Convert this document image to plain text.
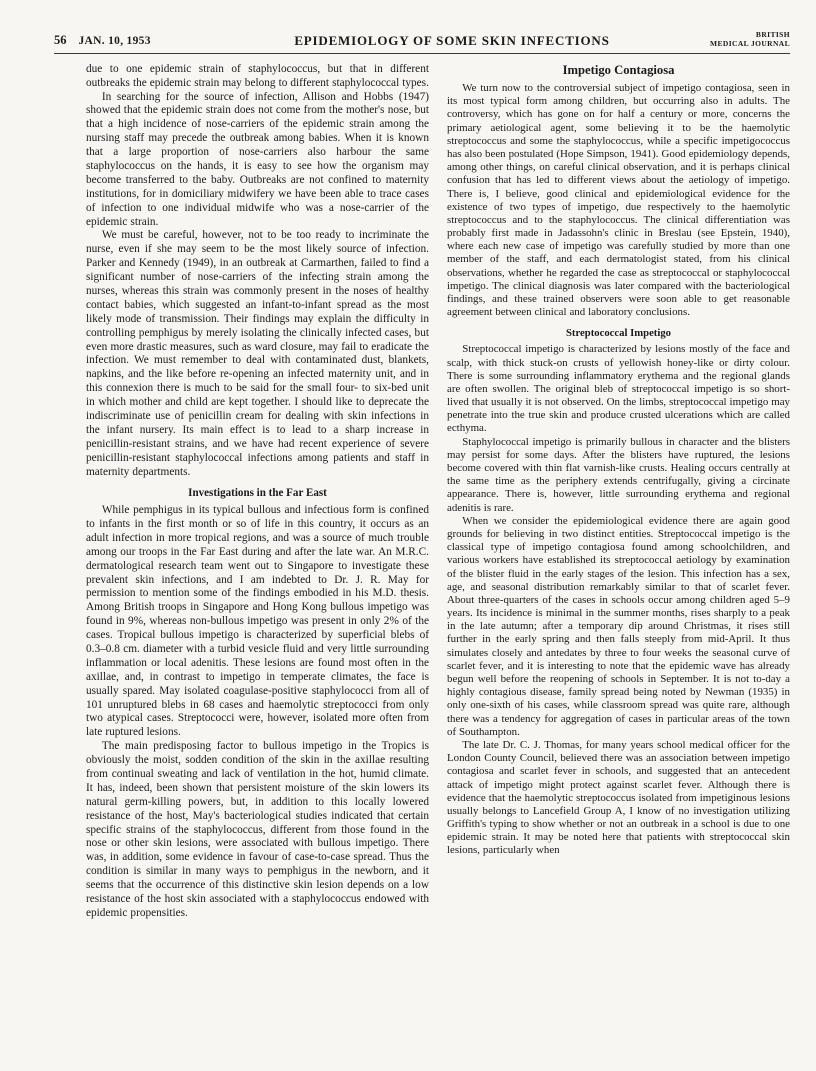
56 JAN. 10, 1953	EPIDEMIOLOGY OF SOME SKIN INFECTIONS	BRITISH
MEDICAL JOURNAL

due to one epidemic strain of staphylococcus, but that in different outbreaks the epidemic strain may belong to different staphylococcal types.

In searching for the source of infection, Allison and Hobbs (1947) showed that the epidemic strain does not come from the mother's nose, but that a high incidence of nose-carriers of the epidemic strain among the nursing staff may precede the outbreak among babies. When it is known that a large proportion of nose-carriers also harbour the same staphylococcus on the hands, it is easy to see how the organism may become transferred to the baby. Outbreaks are not confined to maternity institutions, for in domiciliary midwifery we have been able to trace cases of infection to one individual midwife who was a nose-carrier of the epidemic strain.

We must be careful, however, not to be too ready to incriminate the nurse, even if she may seem to be the most likely source of infection. Parker and Kennedy (1949), in an outbreak at Carmarthen, failed to find a significant number of nose-carriers of the infecting strain among the nurses, whereas this strain was commonly present in the noses of healthy contact babies, which suggested an infant-to-infant spread as the most likely mode of transmission. Their findings may explain the difficulty in controlling pemphigus by merely isolating the clinically infected cases, but even more drastic measures, such as ward closure, may fail to eradicate the infection. We must remember to deal with contaminated dust, blankets, napkins, and the like before re-opening an infected maternity unit, and in this connexion there is much to be said for the small four- to six-bed unit in which mother and child are kept together. I should like to deprecate the indiscriminate use of penicillin cream for dealing with skin infections in the infant nursery. Its main effect is to lead to a sharp increase in penicillin-resistant strains, and we have had recent experience of severe penicillin-resistant staphylococcal infections among patients and staff in maternity departments.

Investigations in the Far East

While pemphigus in its typical bullous and infectious form is confined to infants in the first month or so of life in this country, it occurs as an adult infection in more tropical regions, and was a source of much trouble among our troops in the Far East during and after the late war. An M.R.C. dermatological research team went out to Singapore to investigate these prevalent skin infections, and I am indebted to Dr. J. R. May for permission to mention some of the findings embodied in his M.D. thesis. Among British troops in Singapore and Hong Kong bullous impetigo was found in 9%, whereas non-bullous impetigo was present in only 2% of the cases. Tropical bullous impetigo is characterized by superficial blebs of 0.3–0.8 cm. diameter with a turbid vesicle fluid and very little surrounding inflammation or local adenitis. These lesions are found most often in the axillae, and, in contrast to impetigo in temperate climates, the face is usually spared. May isolated coagulase-positive staphylococci from all of 101 unruptured blebs in 68 cases and haemolytic streptococci from only two atypical cases. Streptococci were, however, isolated more often from late ruptured lesions.

The main predisposing factor to bullous impetigo in the Tropics is obviously the moist, sodden condition of the skin in the axillae resulting from continual sweating and lack of ventilation in the hot, humid climate. It has, indeed, been shown that persistent moisture of the skin lowers its natural germ-killing powers, but, in addition to this locally lowered resistance of the host, May's bacteriological studies indicated that certain specific strains of the staphylococcus, different from those found in the nose or other skin lesions, were associated with bullous impetigo. There was, in addition, some evidence in favour of case-to-case spread. Thus the condition is similar in many ways to pemphigus in the newborn, and it seems that the occurrence of this distinctive skin lesion depends on a low resistance of the host skin associated with a staphylococcus endowed with epidemic propensities.

Impetigo Contagiosa

We turn now to the controversial subject of impetigo contagiosa, seen in its most typical form among children, but occurring also in adults. The controversy, which has gone on for half a century or more, concerns the primary aetiological agent, some believing it to be the haemolytic streptococcus and some the staphylococcus, while a specific impetigococcus has also been postulated (Hope Simpson, 1941). Good epidemiology depends, among other things, on careful clinical observation, and it is perhaps clinical confusion that has led to different views about the aetiology of impetigo. There is, I believe, good clinical and epidemiological evidence for the existence of two types of impetigo, due respectively to the haemolytic streptococcus and to the staphylococcus. The clinical differentiation was probably first made in Jadassohn's clinic in Breslau (see Epstein, 1940), where each new case of impetigo was carefully studied by more than one member of the staff, and each dermatologist stated, from his clinical observations, whether he regarded the case as streptococcal or staphylococcal impetigo. The clinical diagnosis was later compared with the bacteriological findings, and these trained observers were soon able to get reasonable agreement between clinical and laboratory conclusions.

Streptococcal Impetigo

Streptococcal impetigo is characterized by lesions mostly of the face and scalp, with thick stuck-on crusts of yellowish honey-like or dirty colour. There is some surrounding inflammatory erythema and the regional glands are often swollen. The original bleb of streptococcal impetigo is so short-lived that usually it is not observed. On the limbs, streptococcal impetigo may penetrate into the true skin and produce crusted ulcerations which are called ecthyma.

Staphylococcal impetigo is primarily bullous in character and the blisters may persist for some days. After the blisters have ruptured, the lesions become covered with thin flat varnish-like crusts. Healing occurs centrally at the same time as the periphery extends centrifugally, giving a circinate appearance. There is, however, little surrounding erythema and regional adenitis is rare.

When we consider the epidemiological evidence there are again good grounds for believing in two distinct entities. Streptococcal impetigo is the classical type of impetigo contagiosa found among schoolchildren, and various workers have established its streptococcal aetiology by examination of the blister fluid in the early stages of the lesion. This infection has a sex, age, and seasonal distribution remarkably similar to that of scarlet fever. About three-quarters of the cases in schools occur among children aged 5–9 years. Its incidence is minimal in the summer months, rises sharply to a peak in the late autumn; after a temporary dip around Christmas, it rises still further in the early spring and then falls steeply from mid-April. It thus simulates closely and antedates by three to four weeks the seasonal curve of scarlet fever, and it is interesting to note that the epidemic wave has already begun well before the reopening of schools in September. It is not to-day a highly contagious disease, family spread being noted by Newman (1935) in only one-sixth of his cases, while classroom spread was quite rare, although there was a tendency for aggregation of cases in particular areas of the town of Southampton.

The late Dr. C. J. Thomas, for many years school medical officer for the London County Council, believed there was an association between impetigo contagiosa and scarlet fever in schools, and suggested that an antecedent attack of impetigo might protect against scarlet fever. Although there is evidence that the haemolytic streptococcus isolated from impetiginous lesions usually belongs to Lancefield Group A, I know of no investigation utilizing Griffith's typing to show whether or not an outbreak in a school is due to one epidemic strain. It may be noted here that patients with streptococcal skin lesions, particularly when
